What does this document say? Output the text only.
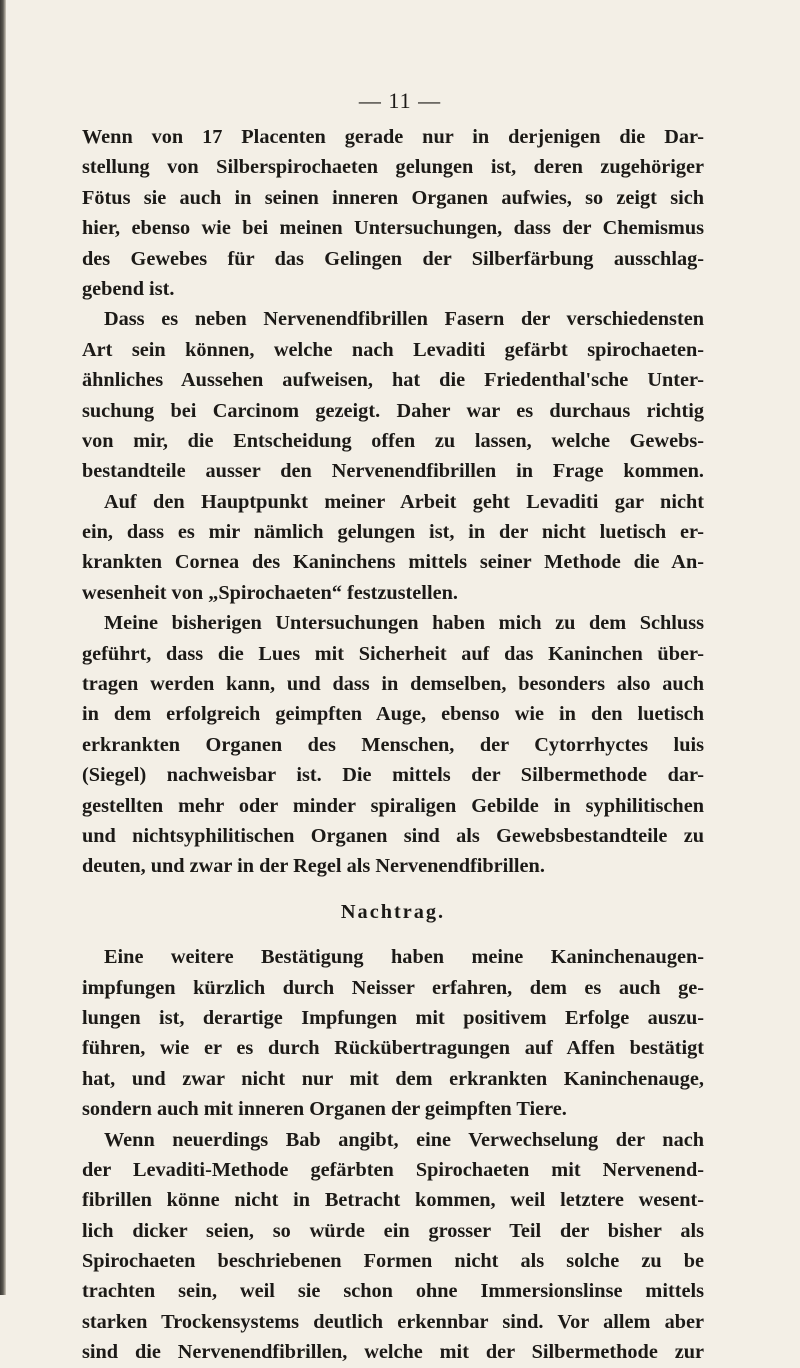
— 11 —
Wenn von 17 Placenten gerade nur in derjenigen die Dar-
stellung von Silberspirochaeten gelungen ist, deren zugehöriger
Fötus sie auch in seinen inneren Organen aufwies, so zeigt sich
hier, ebenso wie bei meinen Untersuchungen, dass der Chemismus
des Gewebes für das Gelingen der Silberfärbung ausschlag-
gebend ist.
Dass es neben Nervenendfibrillen Fasern der verschiedensten
Art sein können, welche nach Levaditi gefärbt spirochaeten-
ähnliches Aussehen aufweisen, hat die Friedenthal'sche Unter-
suchung bei Carcinom gezeigt. Daher war es durchaus richtig
von mir, die Entscheidung offen zu lassen, welche Gewebs-
bestandteile ausser den Nervenendfibrillen in Frage kommen.
Auf den Hauptpunkt meiner Arbeit geht Levaditi gar nicht
ein, dass es mir nämlich gelungen ist, in der nicht luetisch er-
krankten Cornea des Kaninchens mittels seiner Methode die An-
wesenheit von „Spirochaeten“ festzustellen.
Meine bisherigen Untersuchungen haben mich zu dem Schluss
geführt, dass die Lues mit Sicherheit auf das Kaninchen über-
tragen werden kann, und dass in demselben, besonders also auch
in dem erfolgreich geimpften Auge, ebenso wie in den luetisch
erkrankten Organen des Menschen, der Cytorrhyctes luis
(Siegel) nachweisbar ist. Die mittels der Silbermethode dar-
gestellten mehr oder minder spiraligen Gebilde in syphilitischen
und nichtsyphilitischen Organen sind als Gewebsbestandteile zu
deuten, und zwar in der Regel als Nervenendfibrillen.
Nachtrag.
Eine weitere Bestätigung haben meine Kaninchenaugen-
impfungen kürzlich durch Neisser erfahren, dem es auch ge-
lungen ist, derartige Impfungen mit positivem Erfolge auszu-
führen, wie er es durch Rückübertragungen auf Affen bestätigt
hat, und zwar nicht nur mit dem erkrankten Kaninchenauge,
sondern auch mit inneren Organen der geimpften Tiere.
Wenn neuerdings Bab angibt, eine Verwechselung der nach
der Levaditi-Methode gefärbten Spirochaeten mit Nervenend-
fibrillen könne nicht in Betracht kommen, weil letztere wesent-
lich dicker seien, so würde ein grosser Teil der bisher als
Spirochaeten beschriebenen Formen nicht als solche zu be
trachten sein, weil sie schon ohne Immersionslinse mittels
starken Trockensystems deutlich erkennbar sind. Vor allem aber
sind die Nervenendfibrillen, welche mit der Silbermethode zur
